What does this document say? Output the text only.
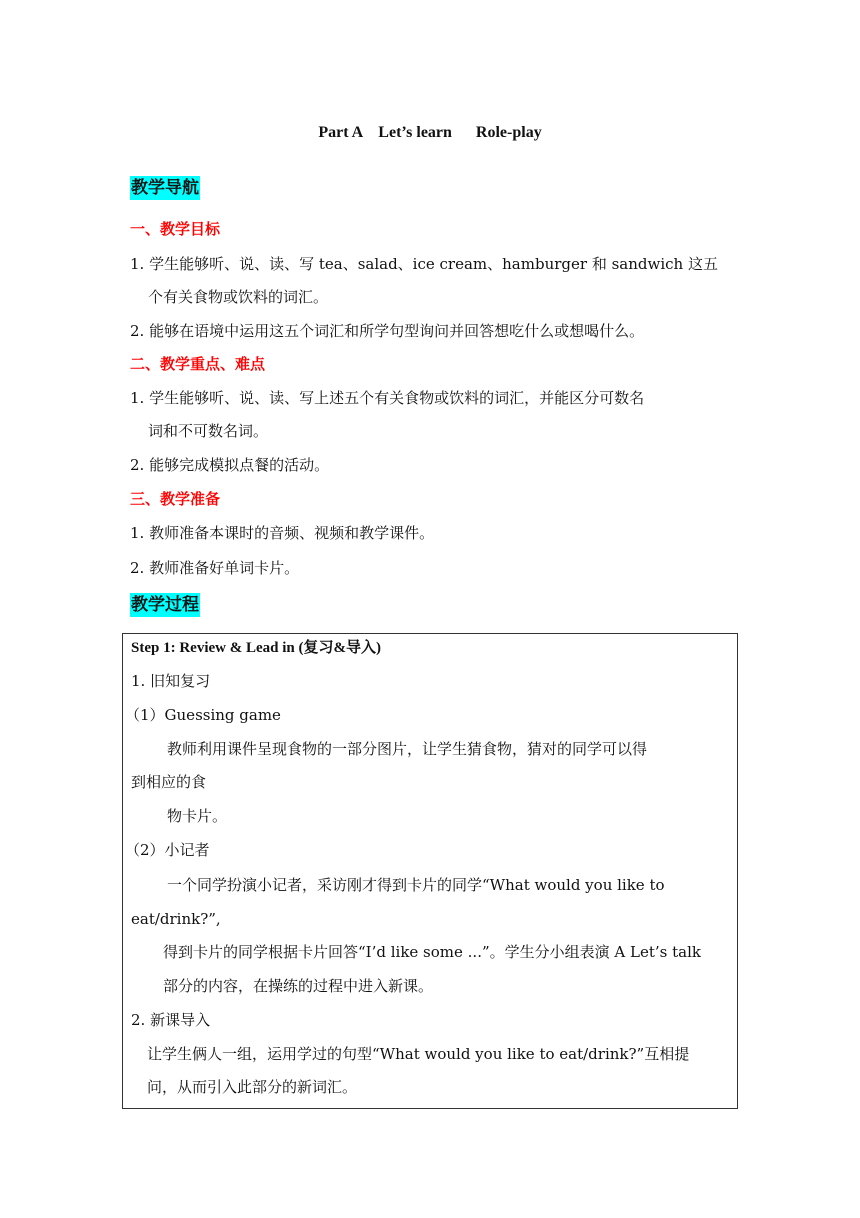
Part A    Let’s learn      Role-play
教学导航
一、教学目标
1. 学生能够听、说、读、写 tea、salad、ice cream、hamburger 和 sandwich 这五
个有关食物或饮料的词汇。
2. 能够在语境中运用这五个词汇和所学句型询问并回答想吃什么或想喝什么。
二、教学重点、难点
1. 学生能够听、说、读、写上述五个有关食物或饮料的词汇，并能区分可数名
词和不可数名词。
2. 能够完成模拟点餐的活动。
三、教学准备
1. 教师准备本课时的音频、视频和教学课件。
2. 教师准备好单词卡片。
教学过程
Step 1: Review & Lead in (复习&导入)
1. 旧知复习
（1）Guessing game
教师利用课件呈现食物的一部分图片，让学生猜食物，猜对的同学可以得
到相应的食
物卡片。
（2）小记者
一个同学扮演小记者，采访刚才得到卡片的同学“What would you like to
eat/drink?”,
得到卡片的同学根据卡片回答“I’d like some ...”。学生分小组表演 A Let’s talk
部分的内容，在操练的过程中进入新课。
2. 新课导入
让学生俩人一组，运用学过的句型“What would you like to eat/drink?”互相提
问，从而引入此部分的新词汇。
